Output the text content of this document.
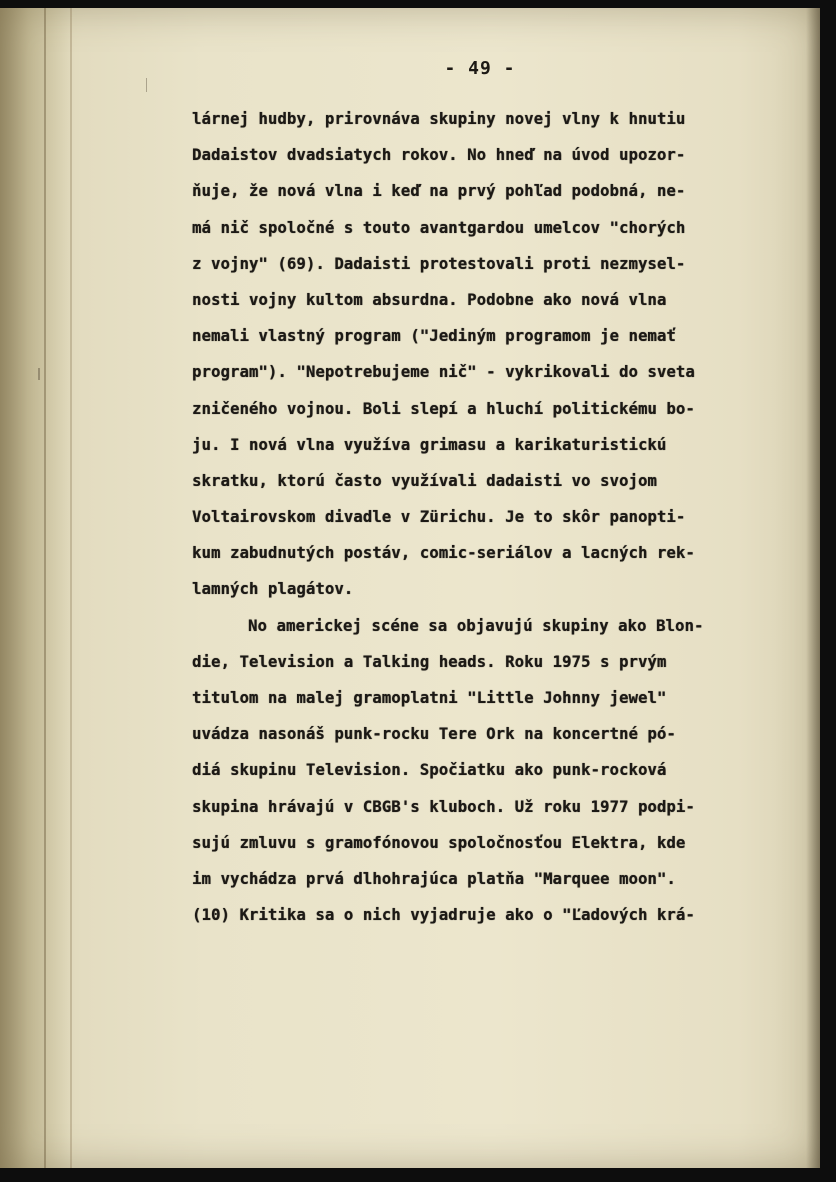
- 49 -
lárnej hudby, prirovnáva skupiny novej vlny k hnutiu
Dadaistov dvadsiatych rokov. No hneď na úvod upozor-
ňuje, že nová vlna i keď na prvý pohľad podobná, ne-
má nič spoločné s touto avantgardou umelcov "chorých
z vojny" (69). Dadaisti protestovali proti nezmysel-
nosti vojny kultom absurdna. Podobne ako nová vlna
nemali vlastný program ("Jediným programom je nemať
program"). "Nepotrebujeme nič" - vykrikovali do sveta
zničeného vojnou. Boli slepí a hluchí politickému bo-
ju. I nová vlna využíva grimasu a karikaturistickú
skratku, ktorú často využívali dadaisti vo svojom
Voltairovskom divadle v Zürichu. Je to skôr panopti-
kum zabudnutých postáv, comic-seriálov a lacných rek-
lamných plagátov.
No americkej scéne sa objavujú skupiny ako Blon-
die, Television a Talking heads. Roku 1975 s prvým
titulom na malej gramoplatni "Little Johnny jewel"
uvádza nasonáš punk-rocku Tere Ork na koncertné pó-
diá skupinu Television. Spočiatku ako punk-rocková
skupina hrávajú v CBGB's kluboch. Už roku 1977 podpi-
sujú zmluvu s gramofónovou spoločnosťou Elektra, kde
im vychádza prvá dlhohrajúca platňa "Marquee moon".
(10) Kritika sa o nich vyjadruje ako o "Ľadových krá-
